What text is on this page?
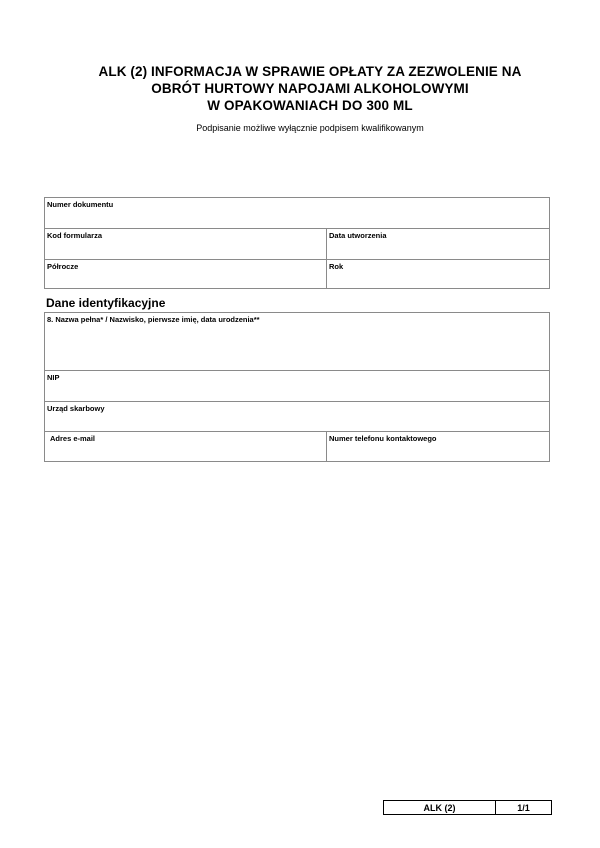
ALK (2) INFORMACJA W SPRAWIE OPŁATY ZA ZEZWOLENIE NA
OBRÓT HURTOWY NAPOJAMI ALKOHOLOWYMI
W OPAKOWANIACH DO 300 ML
Podpisanie możliwe wyłącznie podpisem kwalifikowanym
Numer dokumentu
Kod formularza	Data utworzenia
Półrocze	Rok
Dane identyfikacyjne
8. Nazwa pełna* / Nazwisko, pierwsze imię, data urodzenia**
NIP
Urząd skarbowy
Adres e-mail	Numer telefonu kontaktowego
ALK (2)	1/1
